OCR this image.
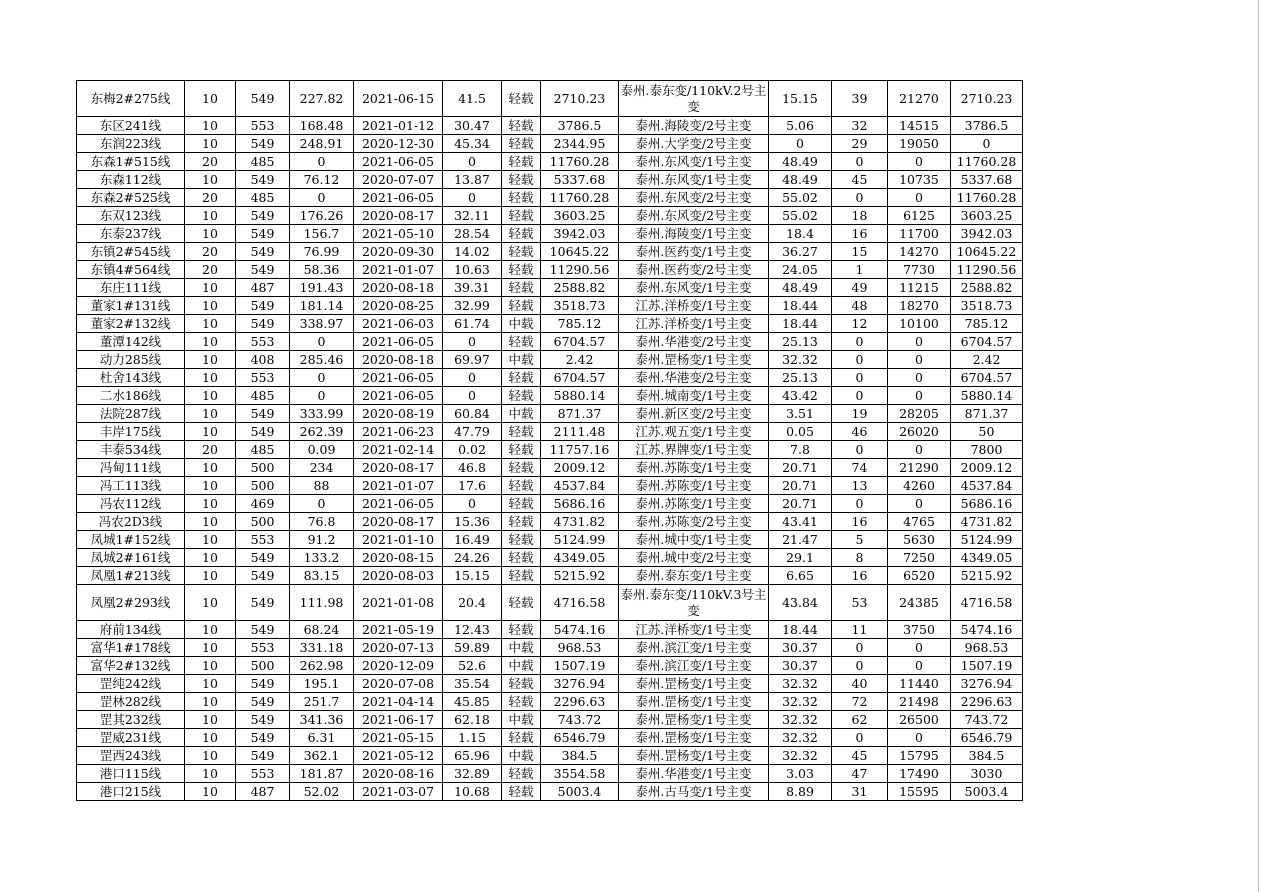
东梅2#275线	10	549	227.82	2021-06-15	41.5	轻载	2710.23	泰州.泰东变/110kV.2号主变	15.15	39	21270	2710.23
东区241线	10	553	168.48	2021-01-12	30.47	轻载	3786.5	泰州.海陵变/2号主变	5.06	32	14515	3786.5
东润223线	10	549	248.91	2020-12-30	45.34	轻载	2344.95	泰州.大学变/2号主变	0	29	19050	0
东森1#515线	20	485	0	2021-06-05	0	轻载	11760.28	泰州.东风变/1号主变	48.49	0	0	11760.28
东森112线	10	549	76.12	2020-07-07	13.87	轻载	5337.68	泰州.东风变/1号主变	48.49	45	10735	5337.68
东森2#525线	20	485	0	2021-06-05	0	轻载	11760.28	泰州.东风变/2号主变	55.02	0	0	11760.28
东双123线	10	549	176.26	2020-08-17	32.11	轻载	3603.25	泰州.东风变/2号主变	55.02	18	6125	3603.25
东泰237线	10	549	156.7	2021-05-10	28.54	轻载	3942.03	泰州.海陵变/1号主变	18.4	16	11700	3942.03
东镇2#545线	20	549	76.99	2020-09-30	14.02	轻载	10645.22	泰州.医药变/1号主变	36.27	15	14270	10645.22
东镇4#564线	20	549	58.36	2021-01-07	10.63	轻载	11290.56	泰州.医药变/2号主变	24.05	1	7730	11290.56
东庄111线	10	487	191.43	2020-08-18	39.31	轻载	2588.82	泰州.东风变/1号主变	48.49	49	11215	2588.82
董家1#131线	10	549	181.14	2020-08-25	32.99	轻载	3518.73	江苏.洋桥变/1号主变	18.44	48	18270	3518.73
董家2#132线	10	549	338.97	2021-06-03	61.74	中载	785.12	江苏.洋桥变/1号主变	18.44	12	10100	785.12
董潭142线	10	553	0	2021-06-05	0	轻载	6704.57	泰州.华港变/2号主变	25.13	0	0	6704.57
动力285线	10	408	285.46	2020-08-18	69.97	中载	2.42	泰州.罡杨变/1号主变	32.32	0	0	2.42
杜舍143线	10	553	0	2021-06-05	0	轻载	6704.57	泰州.华港变/2号主变	25.13	0	0	6704.57
二水186线	10	485	0	2021-06-05	0	轻载	5880.14	泰州.城南变/1号主变	43.42	0	0	5880.14
法院287线	10	549	333.99	2020-08-19	60.84	中载	871.37	泰州.新区变/2号主变	3.51	19	28205	871.37
丰岸175线	10	549	262.39	2021-06-23	47.79	轻载	2111.48	江苏.观五变/1号主变	0.05	46	26020	50
丰泰534线	20	485	0.09	2021-02-14	0.02	轻载	11757.16	江苏.界牌变/1号主变	7.8	0	0	7800
冯甸111线	10	500	234	2020-08-17	46.8	轻载	2009.12	泰州.苏陈变/1号主变	20.71	74	21290	2009.12
冯工113线	10	500	88	2021-01-07	17.6	轻载	4537.84	泰州.苏陈变/1号主变	20.71	13	4260	4537.84
冯农112线	10	469	0	2021-06-05	0	轻载	5686.16	泰州.苏陈变/1号主变	20.71	0	0	5686.16
冯农2D3线	10	500	76.8	2020-08-17	15.36	轻载	4731.82	泰州.苏陈变/2号主变	43.41	16	4765	4731.82
凤城1#152线	10	553	91.2	2021-01-10	16.49	轻载	5124.99	泰州.城中变/1号主变	21.47	5	5630	5124.99
凤城2#161线	10	549	133.2	2020-08-15	24.26	轻载	4349.05	泰州.城中变/2号主变	29.1	8	7250	4349.05
凤凰1#213线	10	549	83.15	2020-08-03	15.15	轻载	5215.92	泰州.泰东变/1号主变	6.65	16	6520	5215.92
凤凰2#293线	10	549	111.98	2021-01-08	20.4	轻载	4716.58	泰州.泰东变/110kV.3号主变	43.84	53	24385	4716.58
府前134线	10	549	68.24	2021-05-19	12.43	轻载	5474.16	江苏.洋桥变/1号主变	18.44	11	3750	5474.16
富华1#178线	10	553	331.18	2020-07-13	59.89	中载	968.53	泰州.滨江变/1号主变	30.37	0	0	968.53
富华2#132线	10	500	262.98	2020-12-09	52.6	中载	1507.19	泰州.滨江变/1号主变	30.37	0	0	1507.19
罡纯242线	10	549	195.1	2020-07-08	35.54	轻载	3276.94	泰州.罡杨变/1号主变	32.32	40	11440	3276.94
罡林282线	10	549	251.7	2021-04-14	45.85	轻载	2296.63	泰州.罡杨变/1号主变	32.32	72	21498	2296.63
罡其232线	10	549	341.36	2021-06-17	62.18	中载	743.72	泰州.罡杨变/1号主变	32.32	62	26500	743.72
罡威231线	10	549	6.31	2021-05-15	1.15	轻载	6546.79	泰州.罡杨变/1号主变	32.32	0	0	6546.79
罡西243线	10	549	362.1	2021-05-12	65.96	中载	384.5	泰州.罡杨变/1号主变	32.32	45	15795	384.5
港口115线	10	553	181.87	2020-08-16	32.89	轻载	3554.58	泰州.华港变/1号主变	3.03	47	17490	3030
港口215线	10	487	52.02	2021-03-07	10.68	轻载	5003.4	泰州.古马变/1号主变	8.89	31	15595	5003.4
